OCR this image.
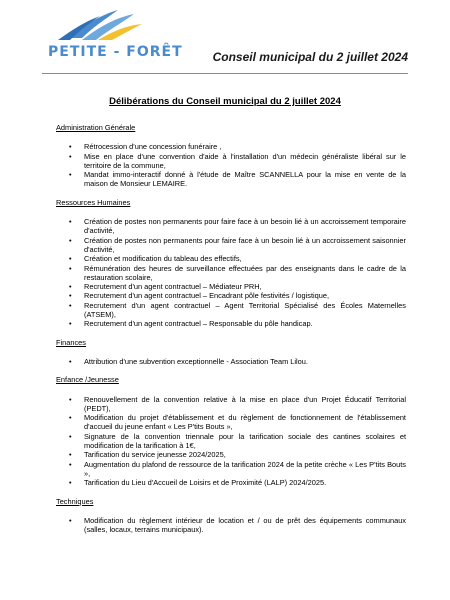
PETITE - FORÊT Conseil municipal du 2 juillet 2024
Délibérations du Conseil municipal du 2 juillet 2024
Administration Générale
• Rétrocession d'une concession funéraire ,
• Mise en place d'une convention d'aide à l'installation d'un médecin généraliste libéral sur le territoire de la commune,
• Mandat immo-interactif donné à l'étude de Maître SCANNELLA pour la mise en vente de la maison de Monsieur LEMAIRE.
Ressources Humaines
• Création de postes non permanents pour faire face à un besoin lié à un accroissement temporaire d'activité,
• Création de postes non permanents pour faire face à un besoin lié à un accroissement saisonnier d'activité,
• Création et modification du tableau des effectifs,
• Rémunération des heures de surveillance effectuées par des enseignants dans le cadre de la restauration scolaire,
• Recrutement d'un agent contractuel – Médiateur PRH,
• Recrutement d'un agent contractuel – Encadrant pôle festivités / logistique,
• Recrutement d'un agent contractuel – Agent Territorial Spécialisé des Écoles Maternelles (ATSEM),
• Recrutement d'un agent contractuel – Responsable du pôle handicap.
Finances
• Attribution d'une subvention exceptionnelle - Association Team Lilou.
Enfance /Jeunesse
• Renouvellement de la convention relative à la mise en place d'un Projet Éducatif Territorial (PEDT),
• Modification du projet d'établissement et du règlement de fonctionnement de l'établissement d'accueil du jeune enfant « Les P'tits Bouts »,
• Signature de la convention triennale pour la tarification sociale des cantines scolaires et modification de la tarification à 1€,
• Tarification du service jeunesse 2024/2025,
• Augmentation du plafond de ressource de la tarification 2024 de la petite crèche « Les P'tits Bouts »,
• Tarification du Lieu d'Accueil de Loisirs et de Proximité (LALP) 2024/2025.
Techniques
• Modification du règlement intérieur de location et / ou de prêt des équipements communaux (salles, locaux, terrains municipaux).
